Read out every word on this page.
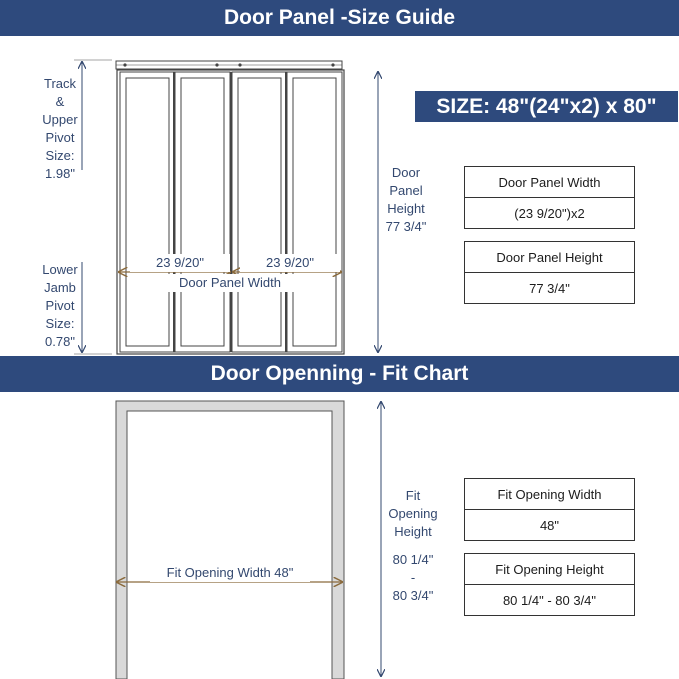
Door Panel -Size Guide
Door Openning - Fit Chart
SIZE: 48"(24"x2) x 80"
Track
&
Upper
Pivot
Size:
1.98"
Lower
Jamb
Pivot
Size:
0.78"
Door
Panel
Height
77 3/4"
23 9/20"	23 9/20"
Door Panel Width
Fit Opening Width 48"
Fit
Opening
Height
80 1/4"
-
80 3/4"
Door Panel Width
(23 9/20")x2
Door Panel Height
77 3/4"
Fit Opening Width
48"
Fit Opening Height
80 1/4" - 80 3/4"
